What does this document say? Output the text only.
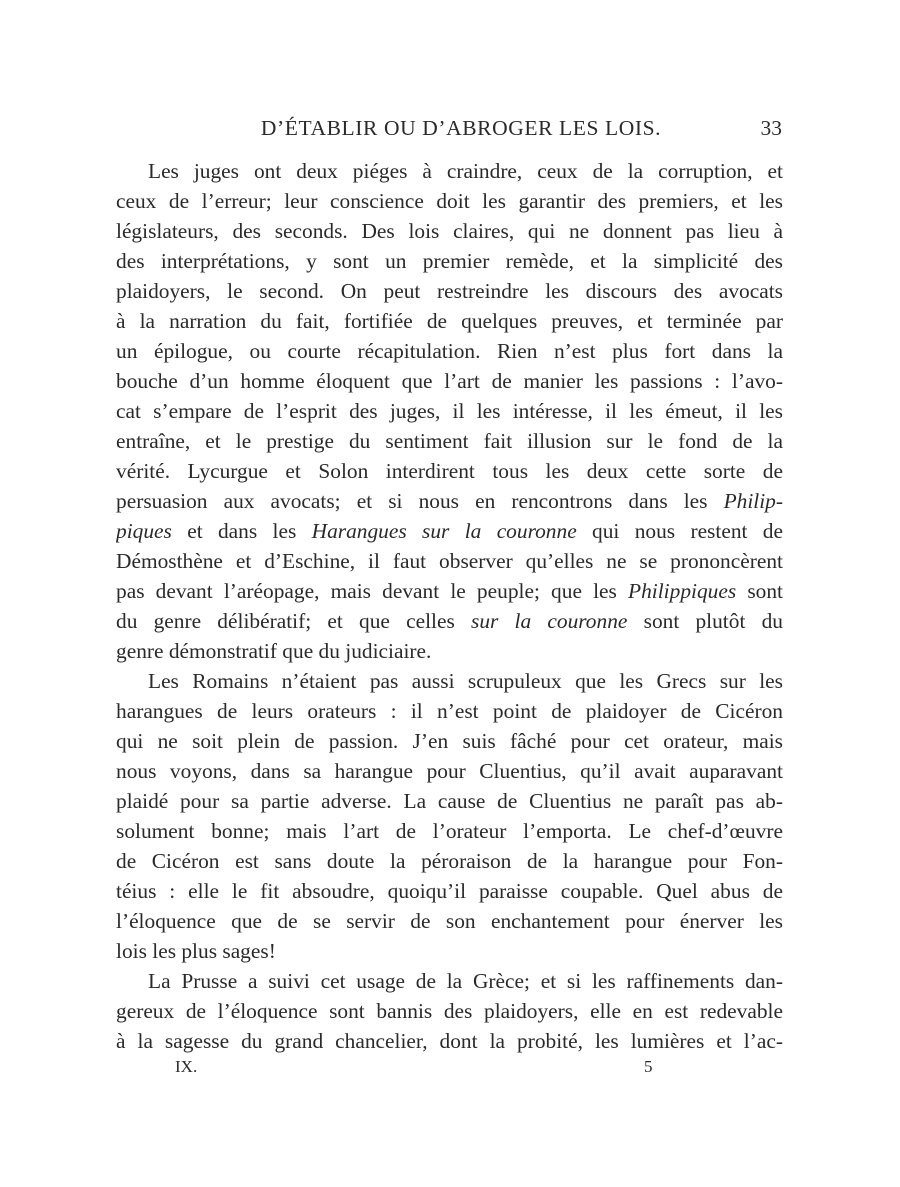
D’ÉTABLIR OU D’ABROGER LES LOIS.	33
Les juges ont deux piéges à craindre, ceux de la corruption, et
ceux de l’erreur; leur conscience doit les garantir des premiers, et les
législateurs, des seconds. Des lois claires, qui ne donnent pas lieu à
des interprétations, y sont un premier remède, et la simplicité des
plaidoyers, le second. On peut restreindre les discours des avocats
à la narration du fait, fortifiée de quelques preuves, et terminée par
un épilogue, ou courte récapitulation. Rien n’est plus fort dans la
bouche d’un homme éloquent que l’art de manier les passions : l’avo-
cat s’empare de l’esprit des juges, il les intéresse, il les émeut, il les
entraîne, et le prestige du sentiment fait illusion sur le fond de la
vérité. Lycurgue et Solon interdirent tous les deux cette sorte de
persuasion aux avocats; et si nous en rencontrons dans les Philip-
piques et dans les Harangues sur la couronne qui nous restent de
Démosthène et d’Eschine, il faut observer qu’elles ne se prononcèrent
pas devant l’aréopage, mais devant le peuple; que les Philippiques sont
du genre délibératif; et que celles sur la couronne sont plutôt du
genre démonstratif que du judiciaire.
Les Romains n’étaient pas aussi scrupuleux que les Grecs sur les
harangues de leurs orateurs : il n’est point de plaidoyer de Cicéron
qui ne soit plein de passion. J’en suis fâché pour cet orateur, mais
nous voyons, dans sa harangue pour Cluentius, qu’il avait auparavant
plaidé pour sa partie adverse. La cause de Cluentius ne paraît pas ab-
solument bonne; mais l’art de l’orateur l’emporta. Le chef-d’œuvre
de Cicéron est sans doute la péroraison de la harangue pour Fon-
téius : elle le fit absoudre, quoiqu’il paraisse coupable. Quel abus de
l’éloquence que de se servir de son enchantement pour énerver les
lois les plus sages!
La Prusse a suivi cet usage de la Grèce; et si les raffinements dan-
gereux de l’éloquence sont bannis des plaidoyers, elle en est redevable
à la sagesse du grand chancelier, dont la probité, les lumières et l’ac-
IX.	5
